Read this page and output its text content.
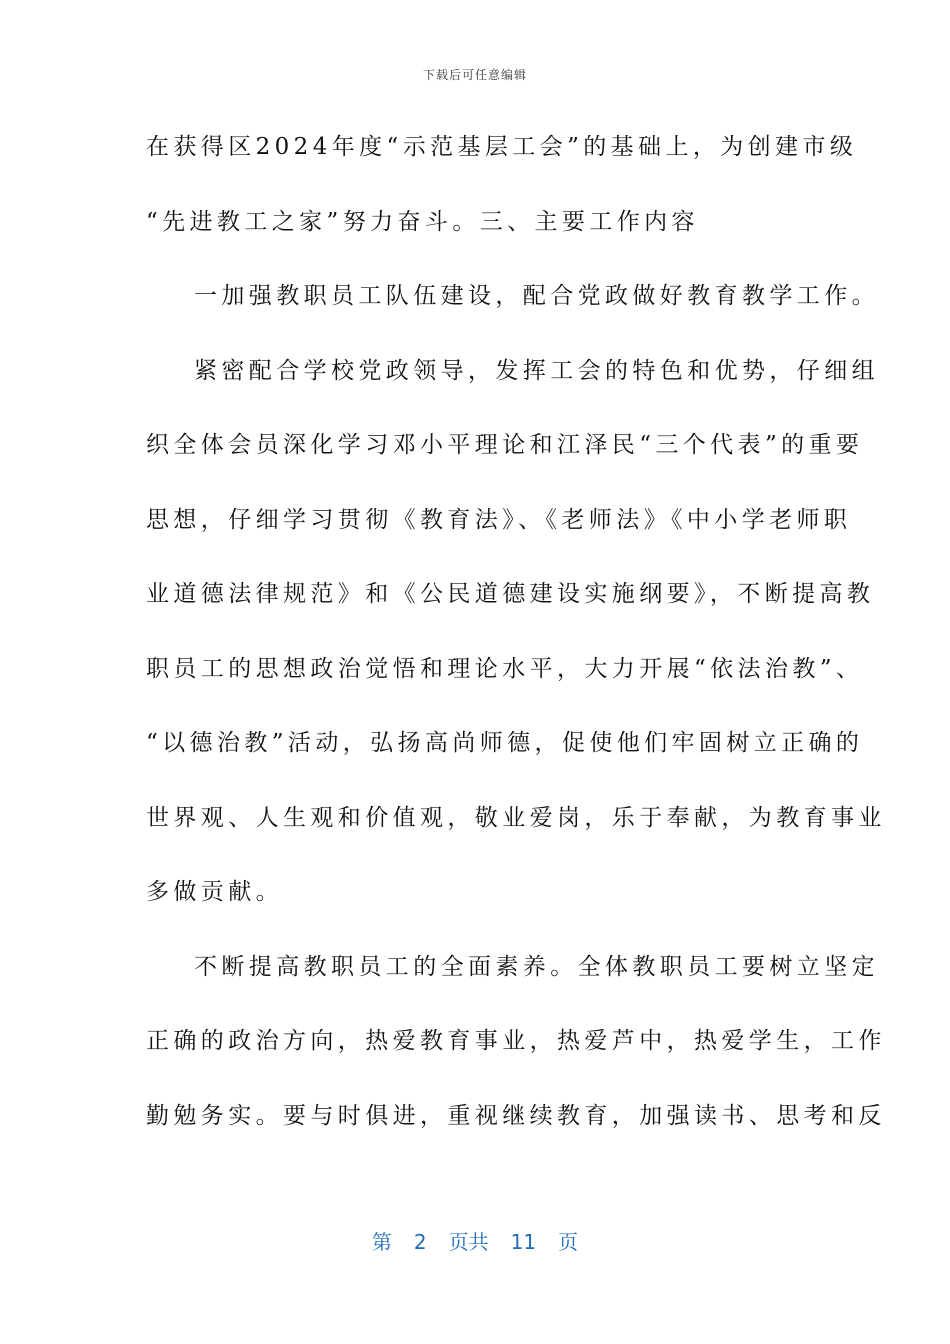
下载后可任意编辑
在获得区2024年度“示范基层工会”的基础上，为创建市级
“先进教工之家”努力奋斗。三、主要工作内容
一加强教职员工队伍建设，配合党政做好教育教学工作。
紧密配合学校党政领导，发挥工会的特色和优势，仔细组
织全体会员深化学习邓小平理论和江泽民“三个代表”的重要
思想，仔细学习贯彻《教育法》、《老师法》《中小学老师职
业道德法律规范》和《公民道德建设实施纲要》，不断提高教
职员工的思想政治觉悟和理论水平，大力开展“依法治教”、
“以德治教”活动，弘扬高尚师德，促使他们牢固树立正确的
世界观、人生观和价值观，敬业爱岗，乐于奉献，为教育事业
多做贡献。
不断提高教职员工的全面素养。全体教职员工要树立坚定
正确的政治方向，热爱教育事业，热爱芦中，热爱学生，工作
勤勉务实。要与时俱进，重视继续教育，加强读书、思考和反
第 2 页共 11 页
